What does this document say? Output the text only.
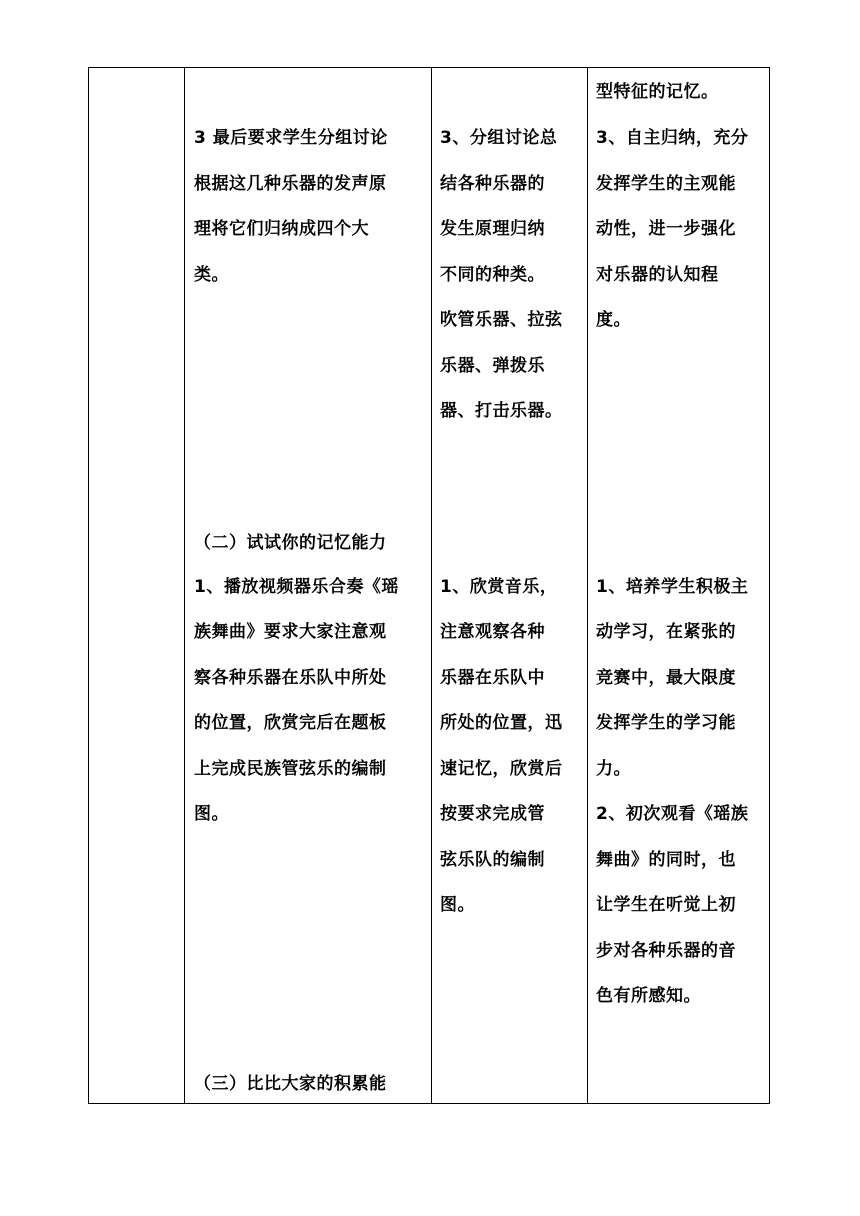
3 最后要求学生分组讨论
根据这几种乐器的发声原
理将它们归纳成四个大
类。
（二）试试你的记忆能力
1、播放视频器乐合奏《瑶
族舞曲》要求大家注意观
察各种乐器在乐队中所处
的位置，欣赏完后在题板
上完成民族管弦乐的编制
图。
（三）比比大家的积累能
3、分组讨论总
结各种乐器的
发生原理归纳
不同的种类。
吹管乐器、拉弦
乐器、弹拨乐
器、打击乐器。
1、欣赏音乐，
注意观察各种
乐器在乐队中
所处的位置，迅
速记忆，欣赏后
按要求完成管
弦乐队的编制
图。
型特征的记忆。
3、自主归纳，充分
发挥学生的主观能
动性，进一步强化
对乐器的认知程
度。
1、培养学生积极主
动学习，在紧张的
竞赛中，最大限度
发挥学生的学习能
力。
2、初次观看《瑶族
舞曲》的同时，也
让学生在听觉上初
步对各种乐器的音
色有所感知。
